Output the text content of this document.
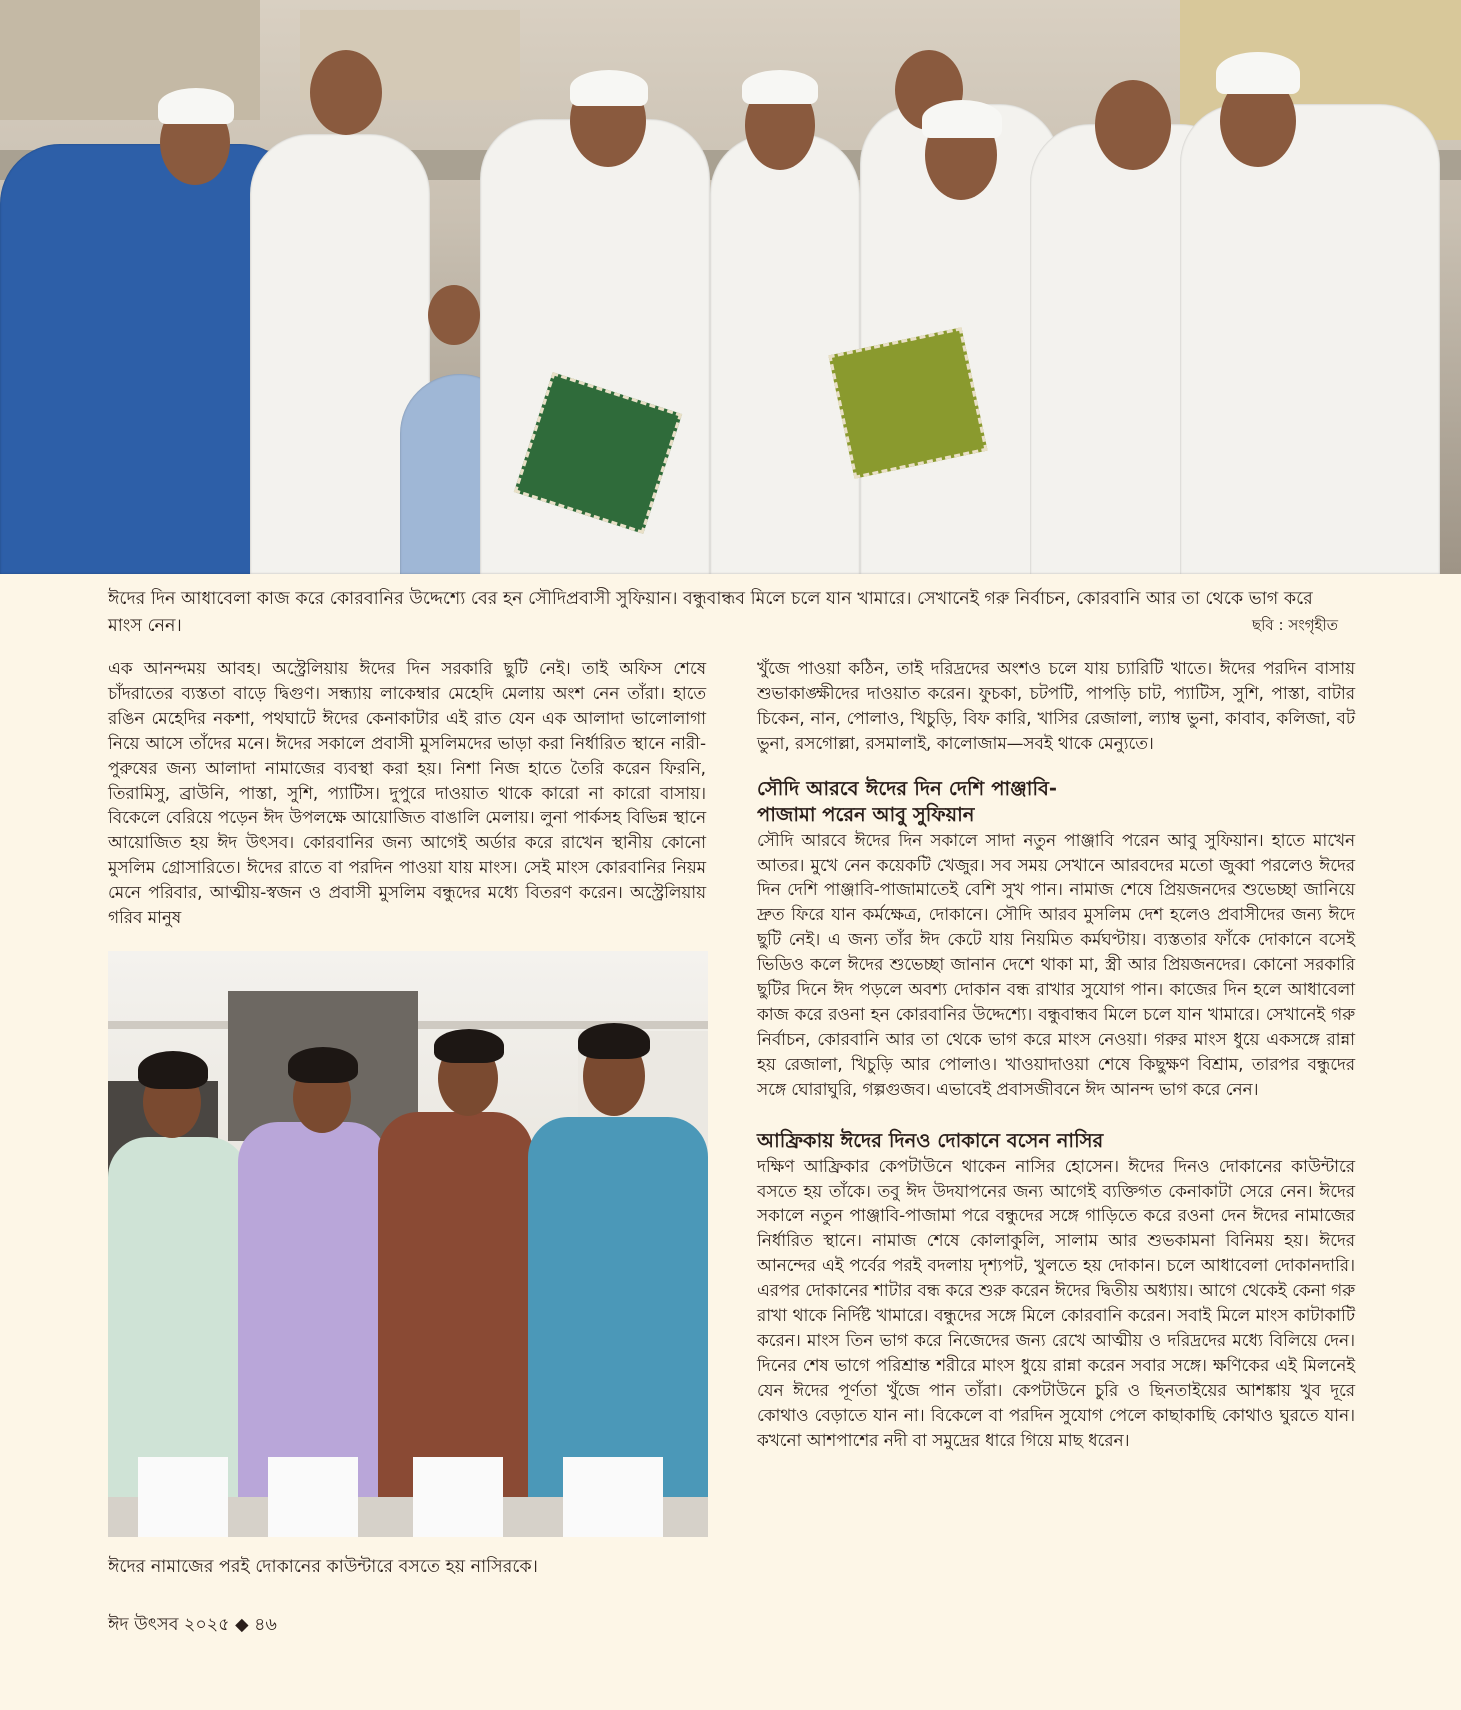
ঈদের দিন আধাবেলা কাজ করে কোরবানির উদ্দেশ্যে বের হন সৌদিপ্রবাসী সুফিয়ান। বন্ধুবান্ধব মিলে চলে যান খামারে। সেখানেই গরু নির্বাচন, কোরবানি আর তা থেকে ভাগ করে মাংস নেন।	ছবি : সংগৃহীত

এক আনন্দময় আবহ। অস্ট্রেলিয়ায় ঈদের দিন সরকারি ছুটি নেই। তাই অফিস শেষে চাঁদরাতের ব্যস্ততা বাড়ে দ্বিগুণ। সন্ধ্যায় লাকেম্বার মেহেদি মেলায় অংশ নেন তাঁরা। হাতে রঙিন মেহেদির নকশা, পথঘাটে ঈদের কেনাকাটার এই রাত যেন এক আলাদা ভালোলাগা নিয়ে আসে তাঁদের মনে। ঈদের সকালে প্রবাসী মুসলিমদের ভাড়া করা নির্ধারিত স্থানে নারী-পুরুষের জন্য আলাদা নামাজের ব্যবস্থা করা হয়। নিশা নিজ হাতে তৈরি করেন ফিরনি, তিরামিসু, ব্রাউনি, পাস্তা, সুশি, প্যাটিস। দুপুরে দাওয়াত থাকে কারো না কারো বাসায়। বিকেলে বেরিয়ে পড়েন ঈদ উপলক্ষে আয়োজিত বাঙালি মেলায়। লুনা পার্কসহ বিভিন্ন স্থানে আয়োজিত হয় ঈদ উৎসব। কোরবানির জন্য আগেই অর্ডার করে রাখেন স্থানীয় কোনো মুসলিম গ্রোসারিতে। ঈদের রাতে বা পরদিন পাওয়া যায় মাংস। সেই মাংস কোরবানির নিয়ম মেনে পরিবার, আত্মীয়-স্বজন ও প্রবাসী মুসলিম বন্ধুদের মধ্যে বিতরণ করেন। অস্ট্রেলিয়ায় গরিব মানুষ

ঈদের নামাজের পরই দোকানের কাউন্টারে বসতে হয় নাসিরকে।

খুঁজে পাওয়া কঠিন, তাই দরিদ্রদের অংশও চলে যায় চ্যারিটি খাতে। ঈদের পরদিন বাসায় শুভাকাঙ্ক্ষীদের দাওয়াত করেন। ফুচকা, চটপটি, পাপড়ি চাট, প্যাটিস, সুশি, পাস্তা, বাটার চিকেন, নান, পোলাও, খিচুড়ি, বিফ কারি, খাসির রেজালা, ল্যাম্ব ভুনা, কাবাব, কলিজা, বট ভুনা, রসগোল্লা, রসমালাই, কালোজাম—সবই থাকে মেন্যুতে।

সৌদি আরবে ঈদের দিন দেশি পাঞ্জাবি-পাজামা পরেন আবু সুফিয়ান

সৌদি আরবে ঈদের দিন সকালে সাদা নতুন পাঞ্জাবি পরেন আবু সুফিয়ান। হাতে মাখেন আতর। মুখে নেন কয়েকটি খেজুর। সব সময় সেখানে আরবদের মতো জুব্বা পরলেও ঈদের দিন দেশি পাঞ্জাবি-পাজামাতেই বেশি সুখ পান। নামাজ শেষে প্রিয়জনদের শুভেচ্ছা জানিয়ে দ্রুত ফিরে যান কর্মক্ষেত্র, দোকানে। সৌদি আরব মুসলিম দেশ হলেও প্রবাসীদের জন্য ঈদে ছুটি নেই। এ জন্য তাঁর ঈদ কেটে যায় নিয়মিত কর্মঘণ্টায়। ব্যস্ততার ফাঁকে দোকানে বসেই ভিডিও কলে ঈদের শুভেচ্ছা জানান দেশে থাকা মা, স্ত্রী আর প্রিয়জনদের। কোনো সরকারি ছুটির দিনে ঈদ পড়লে অবশ্য দোকান বন্ধ রাখার সুযোগ পান। কাজের দিন হলে আধাবেলা কাজ করে রওনা হন কোরবানির উদ্দেশ্যে। বন্ধুবান্ধব মিলে চলে যান খামারে। সেখানেই গরু নির্বাচন, কোরবানি আর তা থেকে ভাগ করে মাংস নেওয়া। গরুর মাংস ধুয়ে একসঙ্গে রান্না হয় রেজালা, খিচুড়ি আর পোলাও। খাওয়াদাওয়া শেষে কিছুক্ষণ বিশ্রাম, তারপর বন্ধুদের সঙ্গে ঘোরাঘুরি, গল্পগুজব। এভাবেই প্রবাসজীবনে ঈদ আনন্দ ভাগ করে নেন।

আফ্রিকায় ঈদের দিনও দোকানে বসেন নাসির

দক্ষিণ আফ্রিকার কেপটাউনে থাকেন নাসির হোসেন। ঈদের দিনও দোকানের কাউন্টারে বসতে হয় তাঁকে। তবু ঈদ উদযাপনের জন্য আগেই ব্যক্তিগত কেনাকাটা সেরে নেন। ঈদের সকালে নতুন পাঞ্জাবি-পাজামা পরে বন্ধুদের সঙ্গে গাড়িতে করে রওনা দেন ঈদের নামাজের নির্ধারিত স্থানে। নামাজ শেষে কোলাকুলি, সালাম আর শুভকামনা বিনিময় হয়। ঈদের আনন্দের এই পর্বের পরই বদলায় দৃশ্যপট, খুলতে হয় দোকান। চলে আধাবেলা দোকানদারি। এরপর দোকানের শাটার বন্ধ করে শুরু করেন ঈদের দ্বিতীয় অধ্যায়। আগে থেকেই কেনা গরু রাখা থাকে নির্দিষ্ট খামারে। বন্ধুদের সঙ্গে মিলে কোরবানি করেন। সবাই মিলে মাংস কাটাকাটি করেন। মাংস তিন ভাগ করে নিজেদের জন্য রেখে আত্মীয় ও দরিদ্রদের মধ্যে বিলিয়ে দেন। দিনের শেষ ভাগে পরিশ্রান্ত শরীরে মাংস ধুয়ে রান্না করেন সবার সঙ্গে। ক্ষণিকের এই মিলনেই যেন ঈদের পূর্ণতা খুঁজে পান তাঁরা। কেপটাউনে চুরি ও ছিনতাইয়ের আশঙ্কায় খুব দূরে কোথাও বেড়াতে যান না। বিকেলে বা পরদিন সুযোগ পেলে কাছাকাছি কোথাও ঘুরতে যান। কখনো আশপাশের নদী বা সমুদ্রের ধারে গিয়ে মাছ ধরেন।

ঈদ উৎসব ২০২৫ ◆ ৪৬
